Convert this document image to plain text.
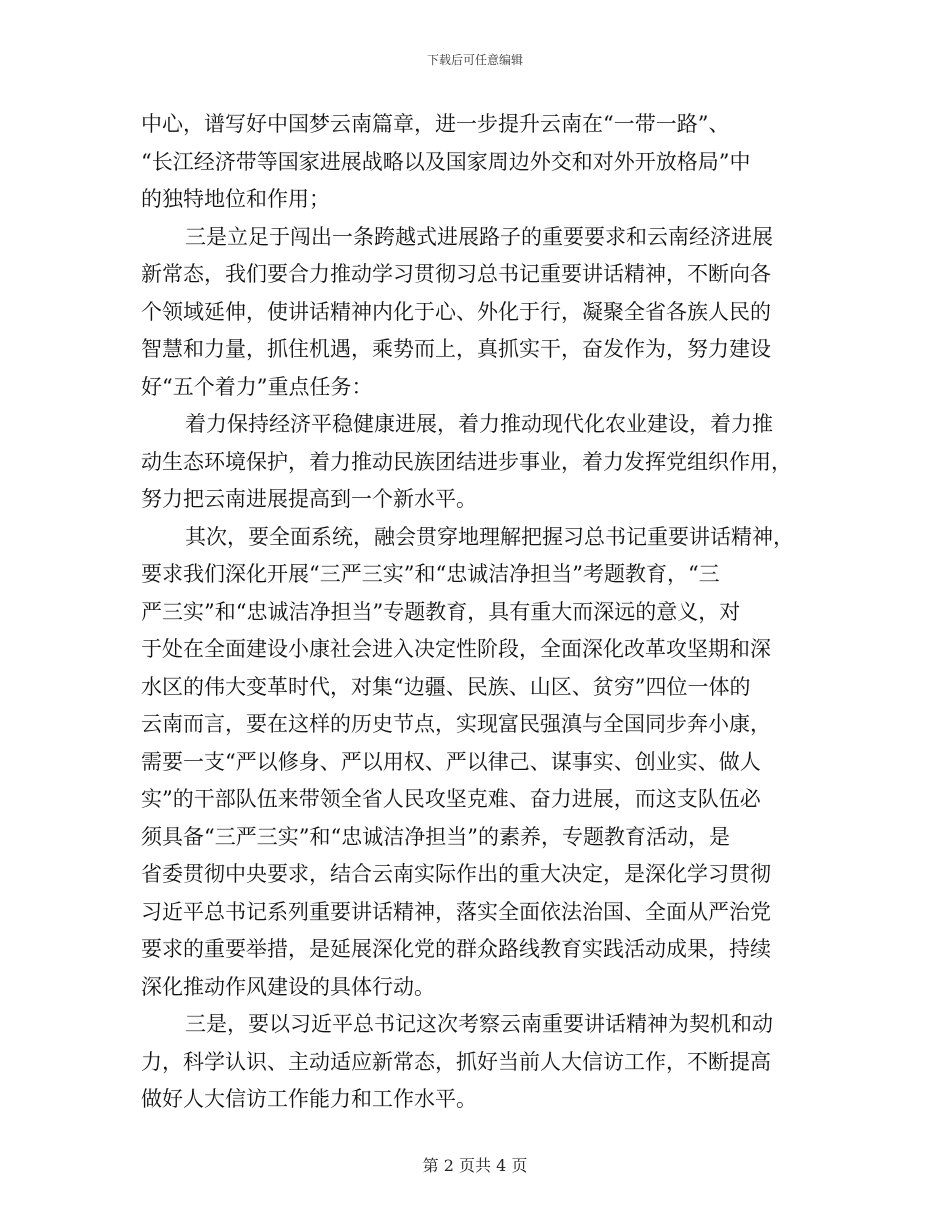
下载后可任意编辑
中心，谱写好中国梦云南篇章，进一步提升云南在“一带一路”、
“长江经济带等国家进展战略以及国家周边外交和对外开放格局”中
的独特地位和作用；
三是立足于闯出一条跨越式进展路子的重要要求和云南经济进展
新常态，我们要合力推动学习贯彻习总书记重要讲话精神，不断向各
个领域延伸，使讲话精神内化于心、外化于行，凝聚全省各族人民的
智慧和力量，抓住机遇，乘势而上，真抓实干，奋发作为，努力建设
好“五个着力”重点任务：
着力保持经济平稳健康进展，着力推动现代化农业建设，着力推
动生态环境保护，着力推动民族团结进步事业，着力发挥党组织作用，
努力把云南进展提高到一个新水平。
其次，要全面系统，融会贯穿地理解把握习总书记重要讲话精神，
要求我们深化开展“三严三实”和“忠诚洁净担当”考题教育，“三
严三实”和“忠诚洁净担当”专题教育，具有重大而深远的意义，对
于处在全面建设小康社会进入决定性阶段，全面深化改革攻坚期和深
水区的伟大变革时代，对集“边疆、民族、山区、贫穷”四位一体的
云南而言，要在这样的历史节点，实现富民强滇与全国同步奔小康，
需要一支“严以修身、严以用权、严以律己、谋事实、创业实、做人
实”的干部队伍来带领全省人民攻坚克难、奋力进展，而这支队伍必
须具备“三严三实”和“忠诚洁净担当”的素养，专题教育活动，是
省委贯彻中央要求，结合云南实际作出的重大决定，是深化学习贯彻
习近平总书记系列重要讲话精神，落实全面依法治国、全面从严治党
要求的重要举措，是延展深化党的群众路线教育实践活动成果，持续
深化推动作风建设的具体行动。
三是，要以习近平总书记这次考察云南重要讲话精神为契机和动
力，科学认识、主动适应新常态，抓好当前人大信访工作，不断提高
做好人大信访工作能力和工作水平。
第 2 页共 4 页
